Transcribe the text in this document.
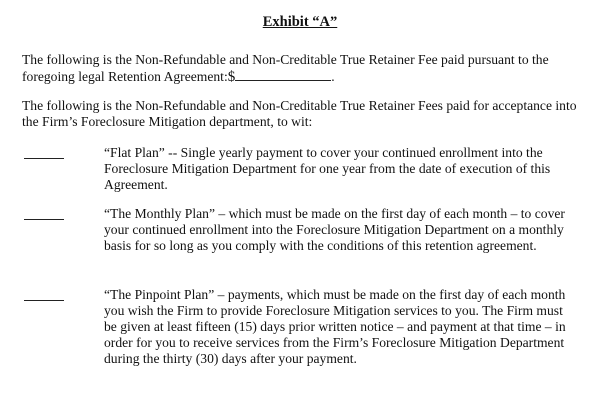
Exhibit “A”
The following is the Non-Refundable and Non-Creditable True Retainer Fee paid pursuant to the foregoing legal Retention Agreement:$	.
The following is the Non-Refundable and Non-Creditable True Retainer Fees paid for acceptance into the Firm’s Foreclosure Mitigation department, to wit:
“Flat Plan” -- Single yearly payment to cover your continued enrollment into the Foreclosure Mitigation Department for one year from the date of execution of this Agreement.
“The Monthly Plan” – which must be made on the first day of each month – to cover your continued enrollment into the Foreclosure Mitigation Department on a monthly basis for so long as you comply with the conditions of this retention agreement.
“The Pinpoint Plan” – payments, which must be made on the first day of each month you wish the Firm to provide Foreclosure Mitigation services to you. The Firm must be given at least fifteen (15) days prior written notice – and payment at that time – in order for you to receive services from the Firm’s Foreclosure Mitigation Department during the thirty (30) days after your payment.
